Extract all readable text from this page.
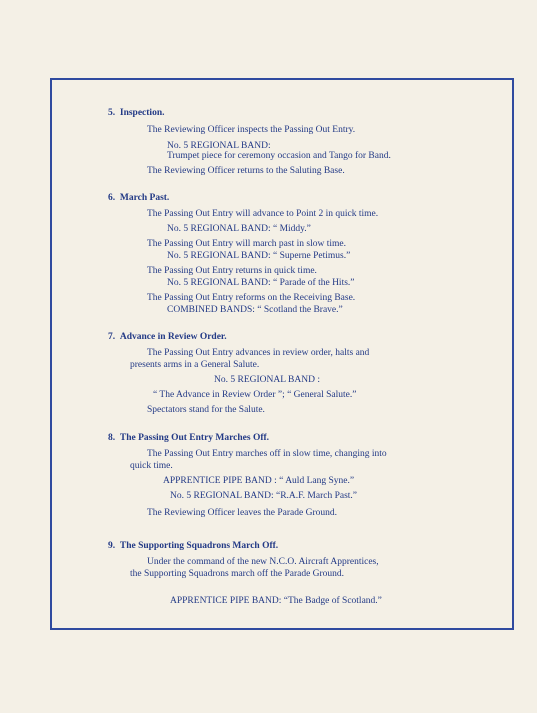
5. Inspection.
The Reviewing Officer inspects the Passing Out Entry.
No. 5 REGIONAL BAND:
Trumpet piece for ceremony occasion and Tango for Band.
The Reviewing Officer returns to the Saluting Base.
6. March Past.
The Passing Out Entry will advance to Point 2 in quick time.
No. 5 REGIONAL BAND: “ Middy.”
The Passing Out Entry will march past in slow time.
No. 5 REGIONAL BAND: “ Superne Petimus.”
The Passing Out Entry returns in quick time.
No. 5 REGIONAL BAND: “ Parade of the Hits.”
The Passing Out Entry reforms on the Receiving Base.
COMBINED BANDS: “ Scotland the Brave.”
7. Advance in Review Order.
The Passing Out Entry advances in review order, halts and
presents arms in a General Salute.
No. 5 REGIONAL BAND :
“ The Advance in Review Order ”; “ General Salute.”
Spectators stand for the Salute.
8. The Passing Out Entry Marches Off.
The Passing Out Entry marches off in slow time, changing into
quick time.
APPRENTICE PIPE BAND : “ Auld Lang Syne.”
No. 5 REGIONAL BAND: “R.A.F. March Past.”
The Reviewing Officer leaves the Parade Ground.
9. The Supporting Squadrons March Off.
Under the command of the new N.C.O. Aircraft Apprentices,
the Supporting Squadrons march off the Parade Ground.
APPRENTICE PIPE BAND: “The Badge of Scotland.”
